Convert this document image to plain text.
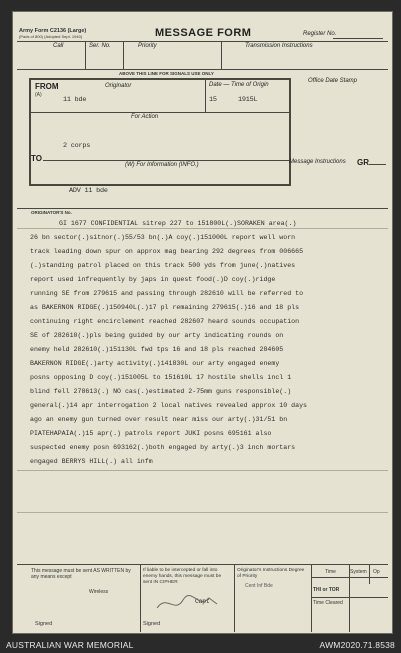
Army Form C2136 (Large)
(Pads of 800) (Adopted Sept. 1940)	MESSAGE FORM	Register No.
Call	Ser. No.	Priority	Transmission Instructions
ABOVE THIS LINE FOR SIGNALS USE ONLY
FROM
(A)
Originator
11 bde
Date — Time of Origin
15	1915L
For Action
Office Date Stamp
2 corps
TO
(W) For Information (INFO.)
ADV 11 bde
Message Instructions GR
ORIGINATOR'S No.
GI 1677 CONFIDENTIAL sitrep 227 to 151800L(.)SORAKEN area(.)
26 bn sector(.)sitnor(.)55/53 bn(.)A coy(.)151000L report well worn
track leading down spur on approx mag bearing 292 degrees from 006665
(.)standing patrol placed on this track 500 yds from june(.)natives
report used infrequently by japs in quest food(.)D coy(.)ridge
running SE from 279615 and passing through 282610 will be referred to
as BAKERNON RIDGE(.)150940L(.)17 pl remaining 279615(.)16 and 18 pls
continuing right encirclement reached 282607 heard sounds occupation
SE of 282610(.)pls being guided by our arty indicating rounds on
enemy held 282610(.)151130L fwd tps 16 and 18 pls reached 284605
BAKERNON RIDGE(.)arty activity(.)141830L our arty engaged enemy
posns opposing D coy(.)151005L to 151610L 17 hostile shells incl 1
blind fell 278613(.) NO cas(.)estimated 2-75mm guns responsible(.)
general(.)14 apr interrogation 2 local natives revealed approx 10 days
ago an enemy gun turned over result near miss our arty(.)31/51 bn
PIATEHAPAIA(.)15 apr(.) patrols report JUKI posns 695161 also
suspected enemy posn 693162(.)both engaged by arty(.)3 inch mortars
engaged BERRYS HILL(.) all infm
This message must be sent AS WRITTEN by any means except
Wireless
If liable to be intercepted or fall into enemy hands, this message must be sent IN CIPHER
Originator's Instructions Degree of Priority
Cent Inf Bde
Time	System Op
THI or TOR
Time Cleared
Signed
Capt
Signed
AUSTRALIAN WAR MEMORIAL	AWM2020.71.8538
